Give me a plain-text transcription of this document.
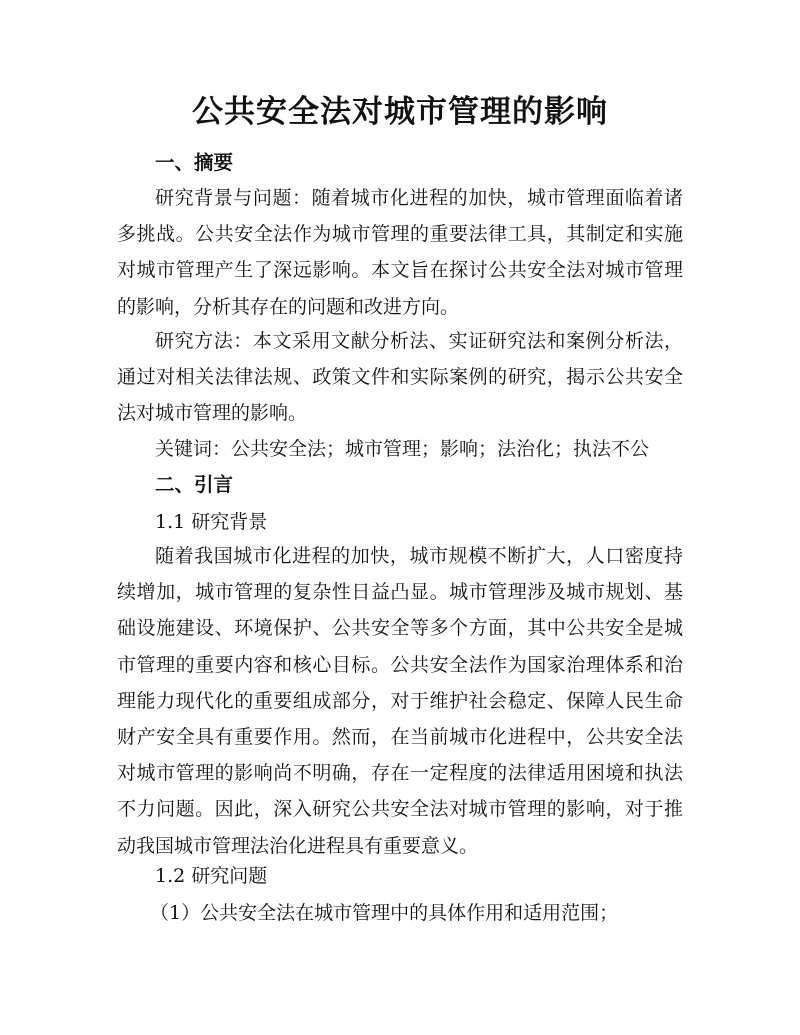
公共安全法对城市管理的影响
一、摘要

研究背景与问题：随着城市化进程的加快，城市管理面临着诸多挑战。公共安全法作为城市管理的重要法律工具，其制定和实施对城市管理产生了深远影响。本文旨在探讨公共安全法对城市管理的影响，分析其存在的问题和改进方向。

研究方法：本文采用文献分析法、实证研究法和案例分析法，通过对相关法律法规、政策文件和实际案例的研究，揭示公共安全法对城市管理的影响。

关键词：公共安全法；城市管理；影响；法治化；执法不公

二、引言
1.1 研究背景

随着我国城市化进程的加快，城市规模不断扩大，人口密度持续增加，城市管理的复杂性日益凸显。城市管理涉及城市规划、基础设施建设、环境保护、公共安全等多个方面，其中公共安全是城市管理的重要内容和核心目标。公共安全法作为国家治理体系和治理能力现代化的重要组成部分，对于维护社会稳定、保障人民生命财产安全具有重要作用。然而，在当前城市化进程中，公共安全法对城市管理的影响尚不明确，存在一定程度的法律适用困境和执法不力问题。因此，深入研究公共安全法对城市管理的影响，对于推动我国城市管理法治化进程具有重要意义。

1.2 研究问题
（1）公共安全法在城市管理中的具体作用和适用范围；
